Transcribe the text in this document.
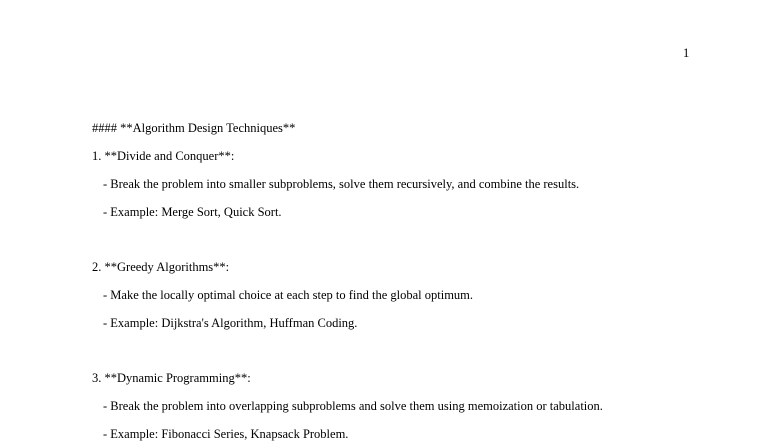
1
#### **Algorithm Design Techniques**
1. **Divide and Conquer**:
- Break the problem into smaller subproblems, solve them recursively, and combine the results.
- Example: Merge Sort, Quick Sort.
2. **Greedy Algorithms**:
- Make the locally optimal choice at each step to find the global optimum.
- Example: Dijkstra's Algorithm, Huffman Coding.
3. **Dynamic Programming**:
- Break the problem into overlapping subproblems and solve them using memoization or tabulation.
- Example: Fibonacci Series, Knapsack Problem.
